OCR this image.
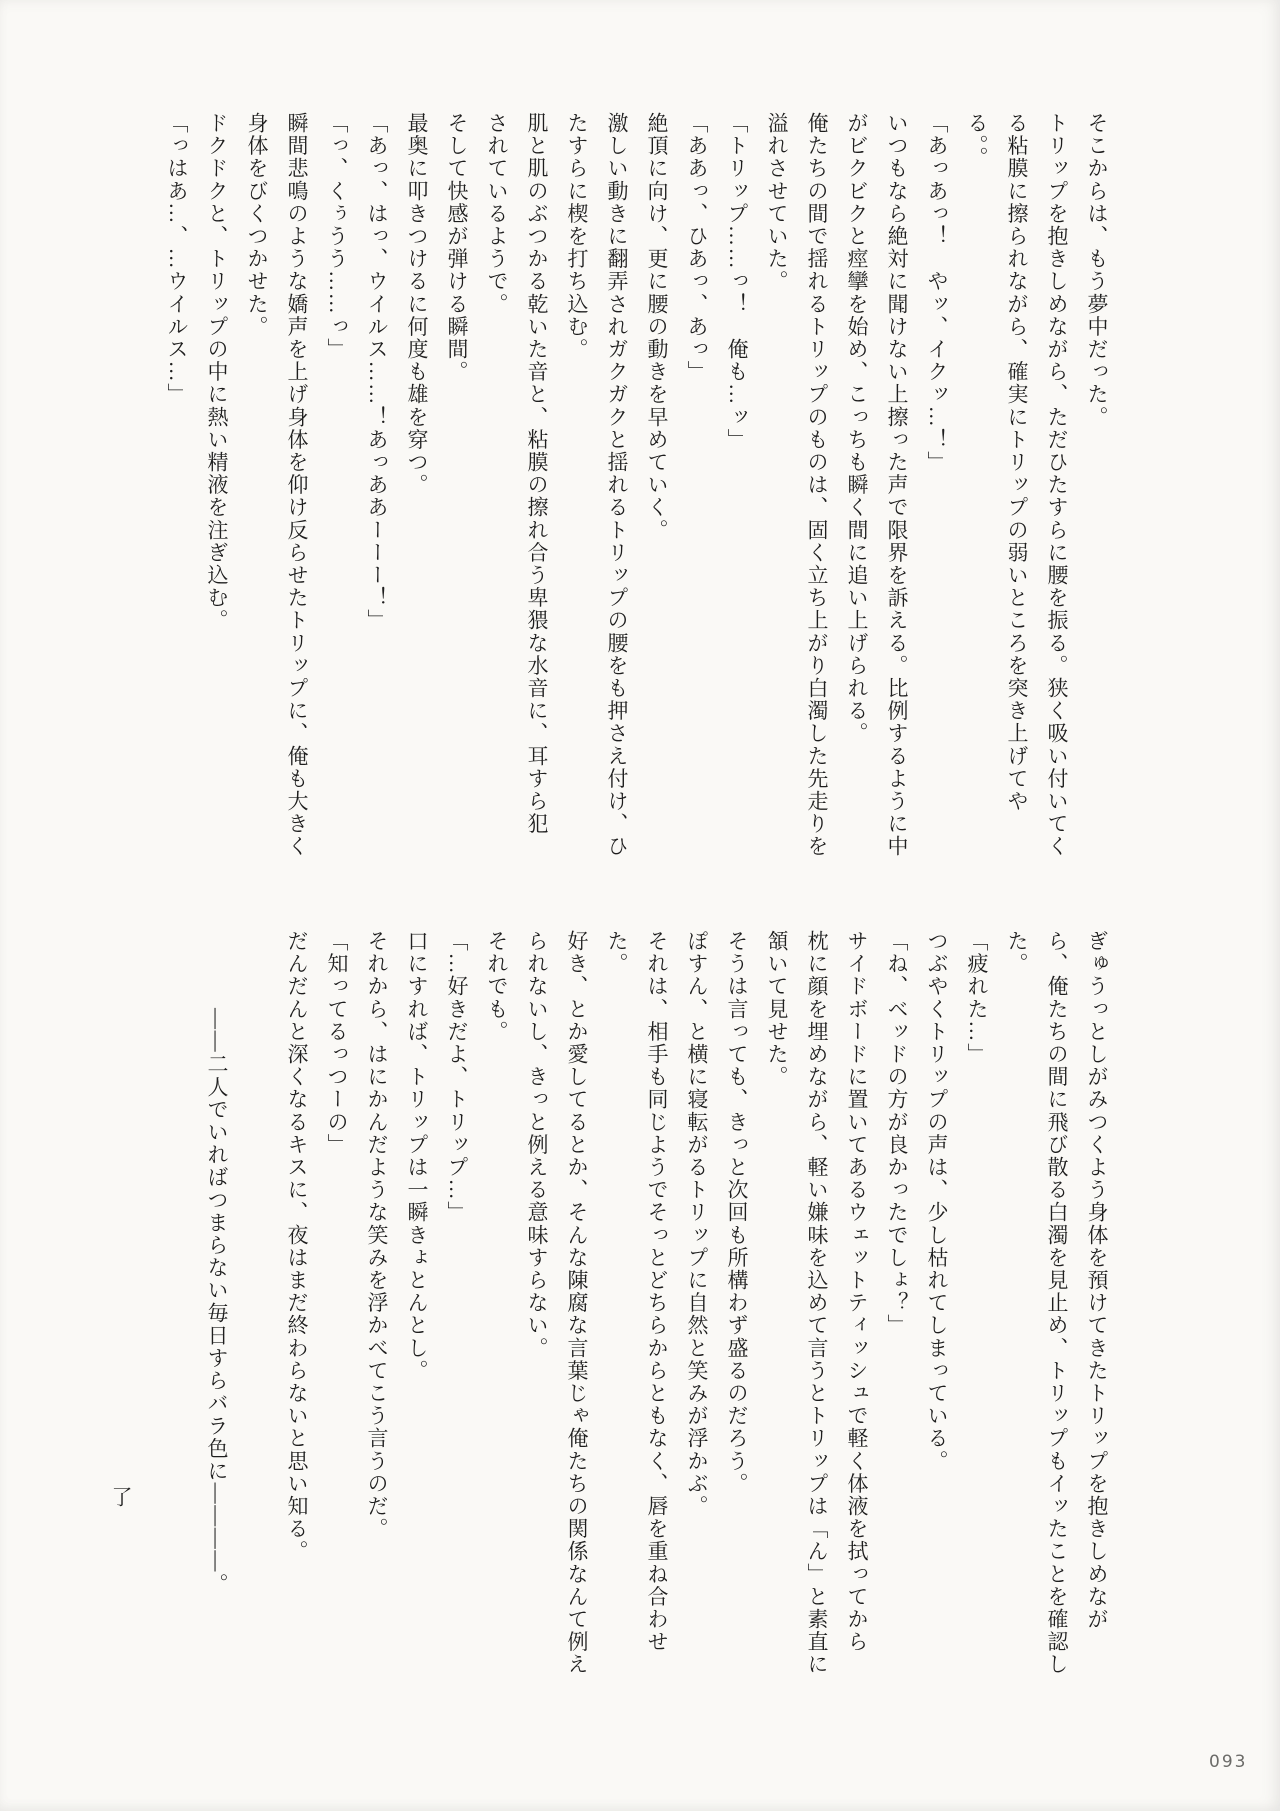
そこからは、もう夢中だった。

トリップを抱きしめながら、ただひたすらに腰を振る。狭く吸い付いてく

る粘膜に擦られながら、確実にトリップの弱いところを突き上げてや

る。。

「あっあっ！　やッ、イクッ…！」

いつもなら絶対に聞けない上擦った声で限界を訴える。比例するように中

がビクビクと痙攣を始め、こっちも瞬く間に追い上げられる。

俺たちの間で揺れるトリップのものは、固く立ち上がり白濁した先走りを

溢れさせていた。

「トリップ……っ！　俺も…ッ」

「ああっ、ひあっ、あっ」

絶頂に向け、更に腰の動きを早めていく。

激しい動きに翻弄されガクガクと揺れるトリップの腰をも押さえ付け、ひ

たすらに楔を打ち込む。

肌と肌のぶつかる乾いた音と、粘膜の擦れ合う卑猥な水音に、耳すら犯

されているようで。

そして快感が弾ける瞬間。

最奥に叩きつけるに何度も雄を穿つ。

「あっ、はっ、ウイルス……！あっああーーー！」

「っ、くぅうう……っ」

瞬間悲鳴のような嬌声を上げ身体を仰け反らせたトリップに、俺も大きく

身体をびくつかせた。

ドクドクと、トリップの中に熱い精液を注ぎ込む。

「っはあ…、…ウイルス…」

ぎゅうっとしがみつくよう身体を預けてきたトリップを抱きしめなが

ら、俺たちの間に飛び散る白濁を見止め、トリップもイッたことを確認し

た。

「疲れた…」

つぶやくトリップの声は、少し枯れてしまっている。

「ね、ベッドの方が良かったでしょ？」

サイドボードに置いてあるウェットティッシュで軽く体液を拭ってから

枕に顔を埋めながら、軽い嫌味を込めて言うとトリップは「ん」と素直に

頷いて見せた。

そうは言っても、きっと次回も所構わず盛るのだろう。

ぽすん、と横に寝転がるトリップに自然と笑みが浮かぶ。

それは、相手も同じようでそっとどちらからともなく、唇を重ね合わせ

た。

好き、とか愛してるとか、そんな陳腐な言葉じゃ俺たちの関係なんて例え

られないし、きっと例える意味すらない。

それでも。

「…好きだよ、トリップ…」

口にすれば、トリップは一瞬きょとんとし。

それから、はにかんだような笑みを浮かべてこう言うのだ。

「知ってるっつーの」

だんだんと深くなるキスに、夜はまだ終わらないと思い知る。

――二人でいればつまらない毎日すらバラ色に――――。

了
093
